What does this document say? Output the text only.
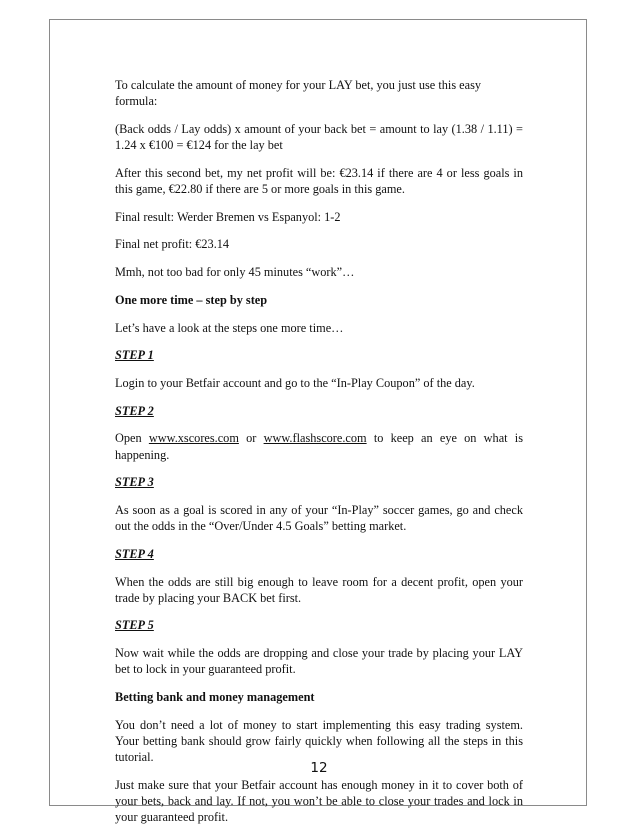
To calculate the amount of money for your LAY bet, you just use this easy formula:

(Back odds / Lay odds) x amount of your back bet = amount to lay (1.38 / 1.11) = 1.24 x €100 = €124 for the lay bet

After this second bet, my net profit will be: €23.14 if there are 4 or less goals in this game, €22.80 if there are 5 or more goals in this game.

Final result: Werder Bremen vs Espanyol: 1-2

Final net profit: €23.14

Mmh, not too bad for only 45 minutes “work”…

One more time – step by step

Let’s have a look at the steps one more time…

STEP 1

Login to your Betfair account and go to the “In-Play Coupon” of the day.

STEP 2

Open www.xscores.com or www.flashscore.com to keep an eye on what is happening.

STEP 3

As soon as a goal is scored in any of your “In-Play” soccer games, go and check out the odds in the “Over/Under 4.5 Goals” betting market.

STEP 4

When the odds are still big enough to leave room for a decent profit, open your trade by placing your BACK bet first.

STEP 5

Now wait while the odds are dropping and close your trade by placing your LAY bet to lock in your guaranteed profit.

Betting bank and money management

You don’t need a lot of money to start implementing this easy trading system. Your betting bank should grow fairly quickly when following all the steps in this tutorial.

Just make sure that your Betfair account has enough money in it to cover both of your bets, back and lay. If not, you won’t be able to close your trades and lock in your guaranteed profit.

12
